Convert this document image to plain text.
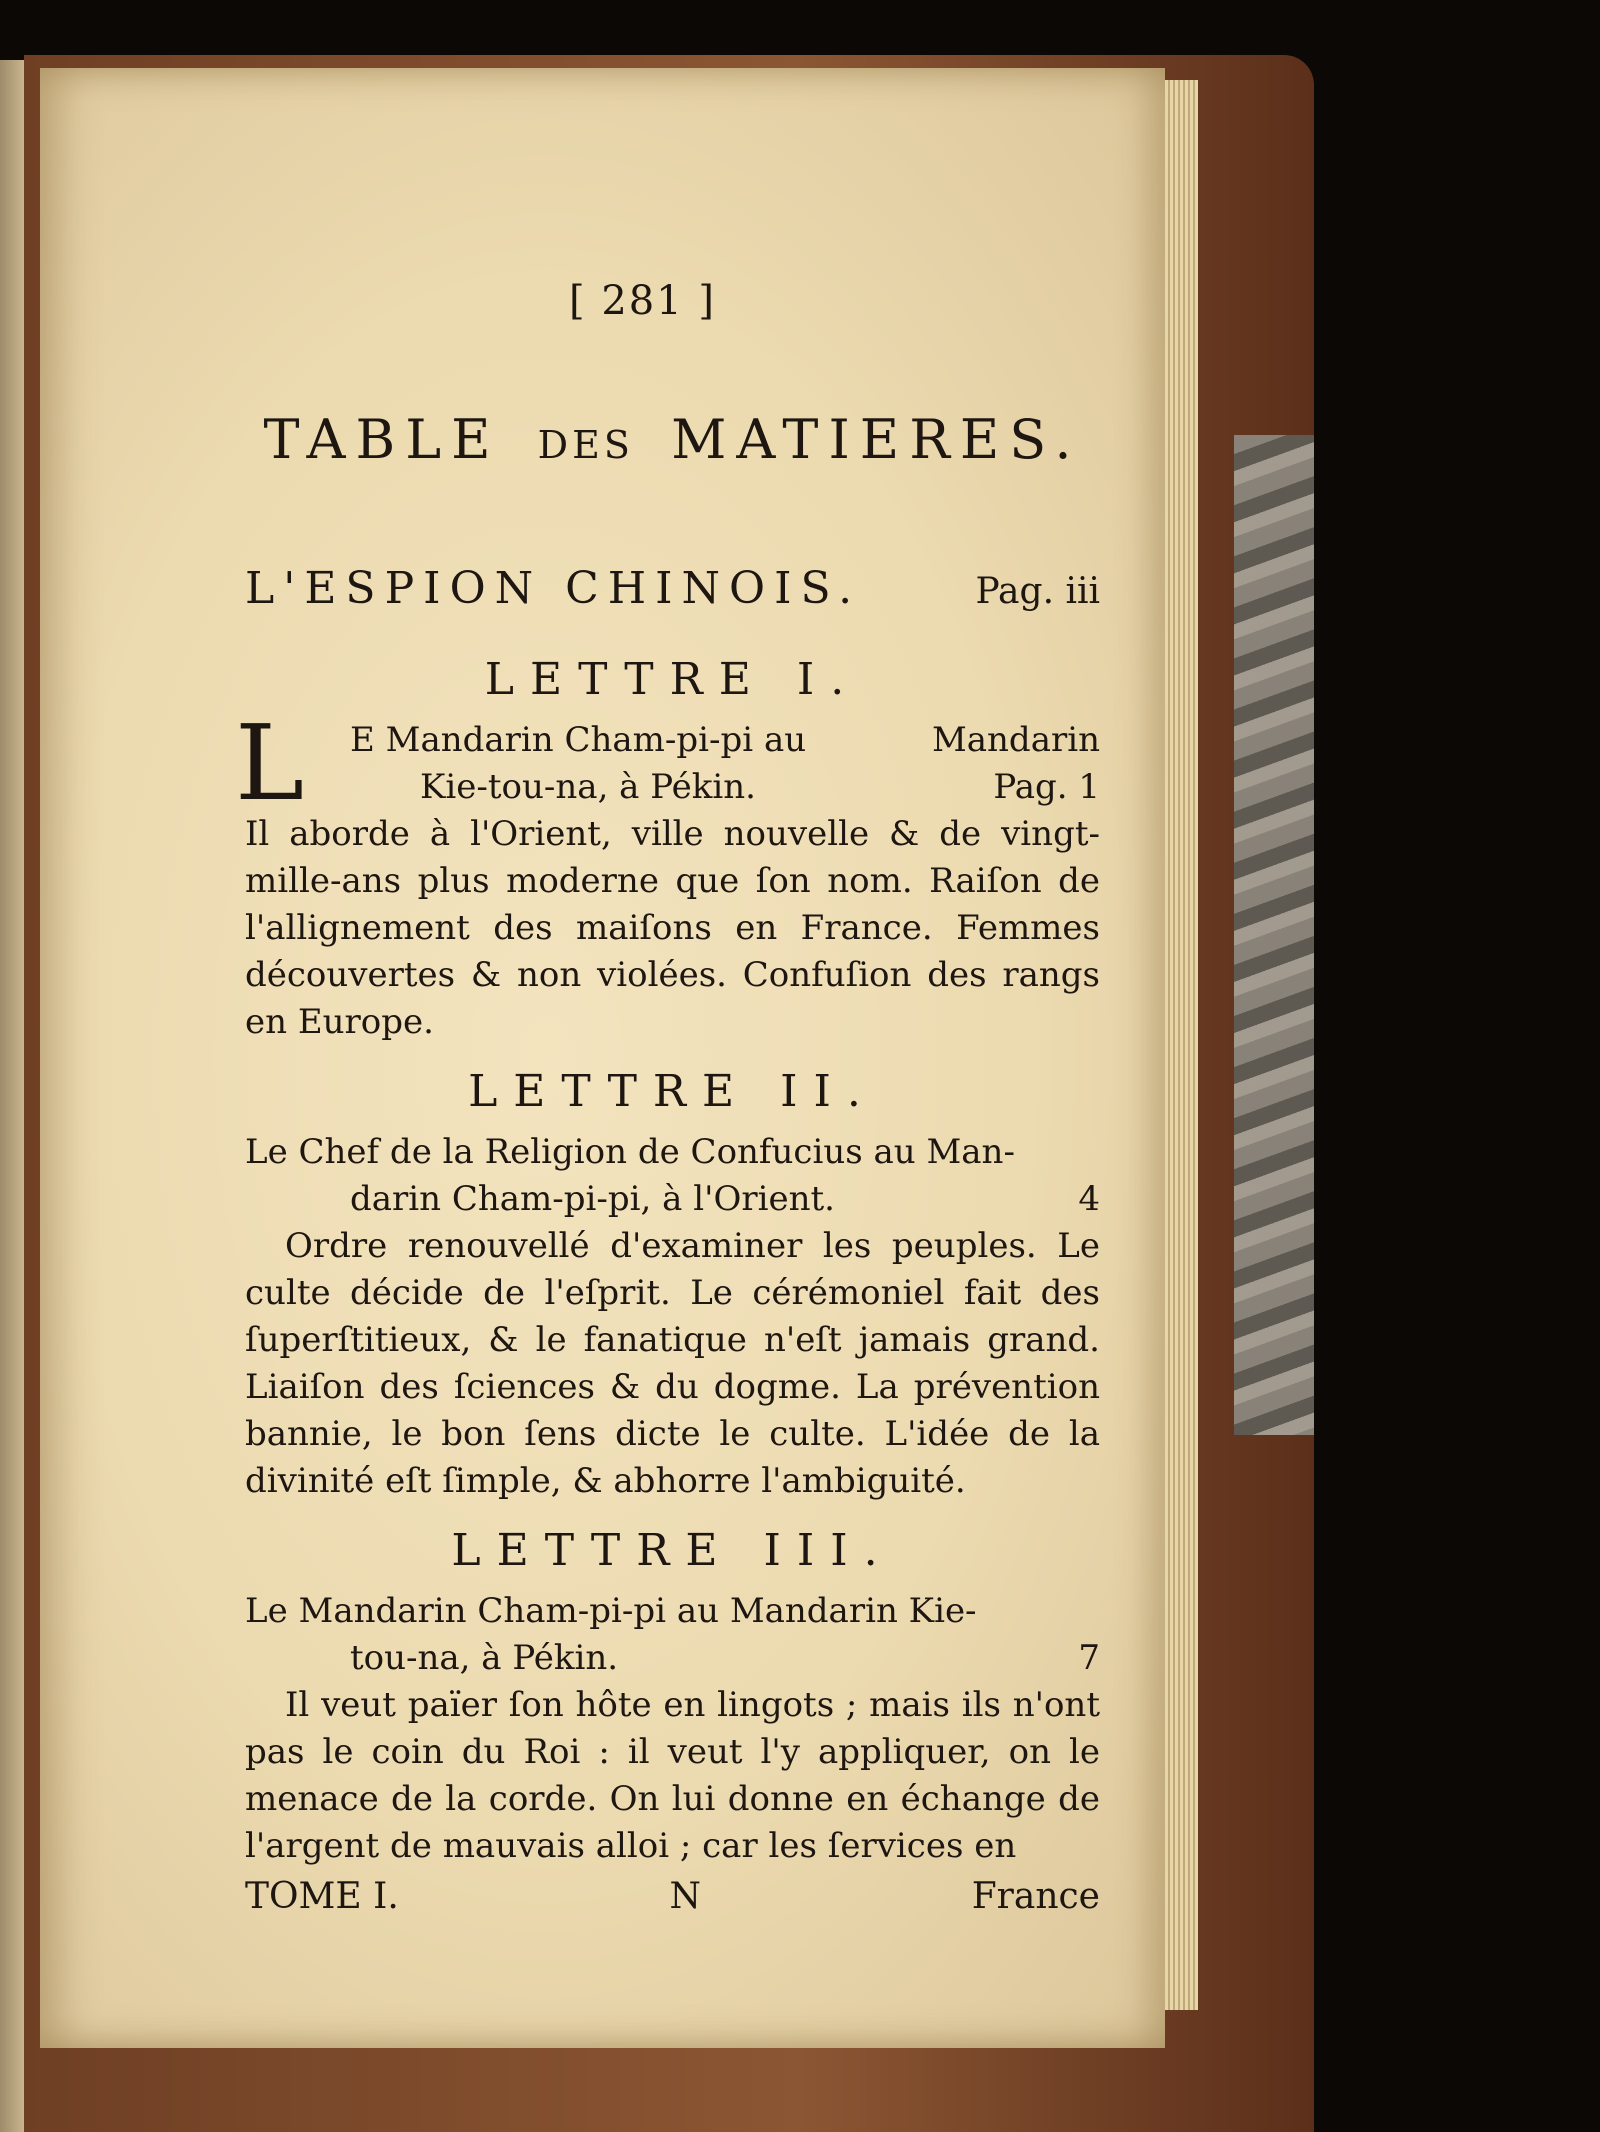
[ 281 ]
TABLE DES MATIERES.
L'ESPION CHINOIS.	Pag. iii
LETTRE I.
L E Mandarin Cham-pi-pi au	Mandarin
Kie-tou-na, à Pékin.	Pag. 1
Il aborde à l'Orient, ville nouvelle & de vingt-mille-ans plus moderne que ſon nom. Raiſon de l'allignement des maiſons en France. Femmes découvertes & non violées. Confuſion des rangs en Europe.
LETTRE II.
Le Chef de la Religion de Confucius au Man-
darin Cham-pi-pi, à l'Orient.	4
Ordre renouvellé d'examiner les peuples. Le culte décide de l'eſprit. Le cérémoniel fait des ſuperſtitieux, & le fanatique n'eſt jamais grand. Liaiſon des ſciences & du dogme. La prévention bannie, le bon ſens dicte le culte. L'idée de la divinité eſt ſimple, & abhorre l'ambiguité.
LETTRE III.
Le Mandarin Cham-pi-pi au Mandarin Kie-
tou-na, à Pékin.	7
Il veut païer ſon hôte en lingots ; mais ils n'ont pas le coin du Roi : il veut l'y appliquer, on le menace de la corde. On lui donne en échange de l'argent de mauvais alloi ; car les ſervices en
TOME I.	N	France
